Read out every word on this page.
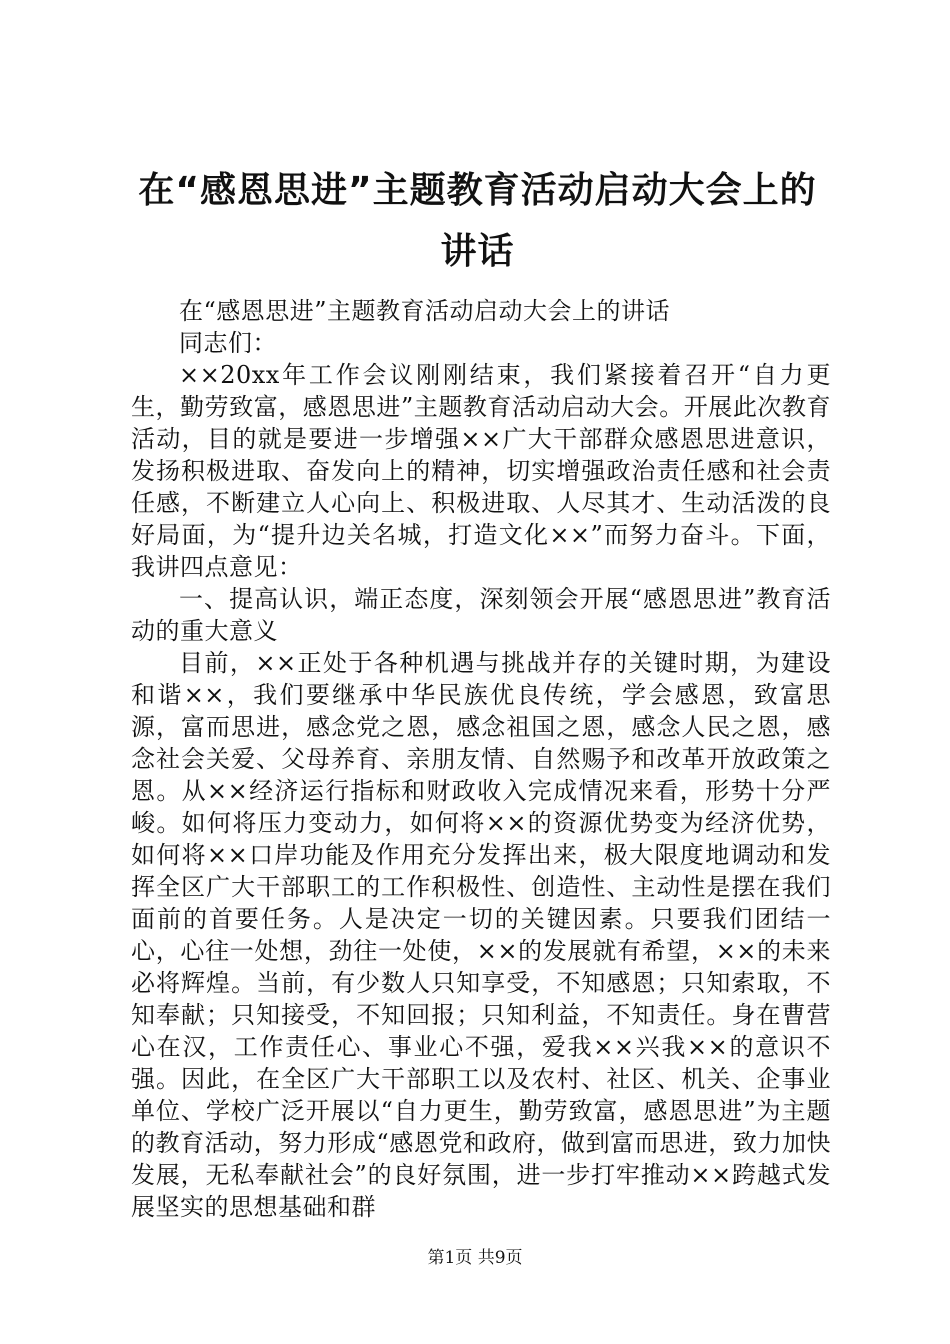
在“感恩思进”主题教育活动启动大会上的讲话

在“感恩思进”主题教育活动启动大会上的讲话

同志们：

××20xx年工作会议刚刚结束，我们紧接着召开“自力更生，勤劳致富，感恩思进”主题教育活动启动大会。开展此次教育活动，目的就是要进一步增强××广大干部群众感恩思进意识，发扬积极进取、奋发向上的精神，切实增强政治责任感和社会责任感，不断建立人心向上、积极进取、人尽其才、生动活泼的良好局面，为“提升边关名城，打造文化××”而努力奋斗。下面，我讲四点意见：

一、提高认识，端正态度，深刻领会开展“感恩思进”教育活动的重大意义

目前，××正处于各种机遇与挑战并存的关键时期，为建设和谐××，我们要继承中华民族优良传统，学会感恩，致富思源，富而思进，感念党之恩，感念祖国之恩，感念人民之恩，感念社会关爱、父母养育、亲朋友情、自然赐予和改革开放政策之恩。从××经济运行指标和财政收入完成情况来看，形势十分严峻。如何将压力变动力，如何将××的资源优势变为经济优势，如何将××口岸功能及作用充分发挥出来，极大限度地调动和发挥全区广大干部职工的工作积极性、创造性、主动性是摆在我们面前的首要任务。人是决定一切的关键因素。只要我们团结一心，心往一处想，劲往一处使，××的发展就有希望，××的未来必将辉煌。当前，有少数人只知享受，不知感恩；只知索取，不知奉献；只知接受，不知回报；只知利益，不知责任。身在曹营心在汉，工作责任心、事业心不强，爱我××兴我××的意识不强。因此，在全区广大干部职工以及农村、社区、机关、企事业单位、学校广泛开展以“自力更生，勤劳致富，感恩思进”为主题的教育活动，努力形成“感恩党和政府，做到富而思进，致力加快发展，无私奉献社会”的良好氛围，进一步打牢推动××跨越式发展坚实的思想基础和群

第1页 共9页
